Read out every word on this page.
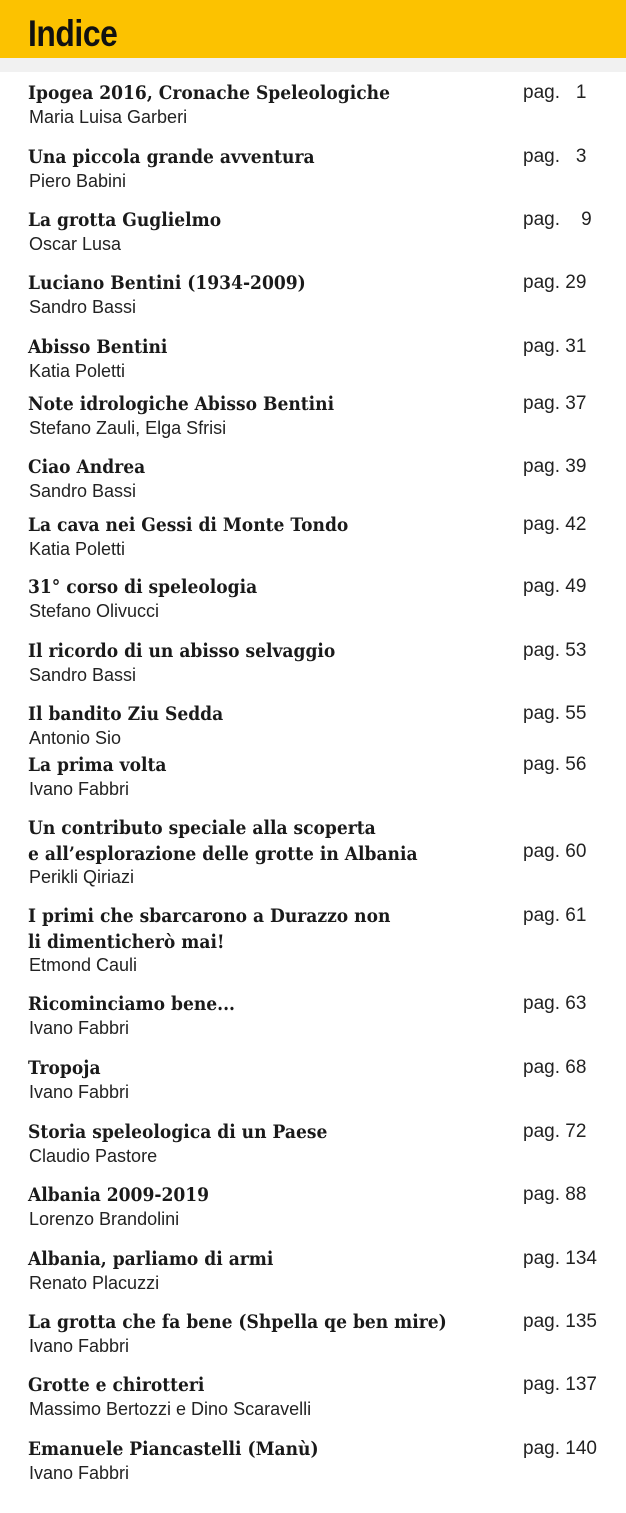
Indice
Ipogea 2016, Cronache Speleologiche
Maria Luisa Garberi
pag.   1
Una piccola grande avventura
Piero Babini
pag.   3
La grotta Guglielmo
Oscar Lusa
pag.    9
Luciano Bentini (1934-2009)
Sandro Bassi
pag. 29
Abisso Bentini
Katia Poletti
pag. 31
Note idrologiche Abisso Bentini
Stefano Zauli, Elga Sfrisi
pag. 37
Ciao Andrea
Sandro Bassi
pag. 39
La cava nei Gessi di Monte Tondo
Katia Poletti
pag. 42
31° corso di speleologia
Stefano Olivucci
pag. 49
Il ricordo di un abisso selvaggio
Sandro Bassi
pag. 53
Il bandito Ziu Sedda
Antonio Sio
pag. 55
La prima volta
Ivano Fabbri
pag. 56
Un contributo speciale alla scoperta
e all’esplorazione delle grotte in Albania
Perikli Qiriazi
pag. 60
I primi che sbarcarono a Durazzo non
li dimenticherò mai!
Etmond Cauli
pag. 61
Ricominciamo bene...
Ivano Fabbri
pag. 63
Tropoja
Ivano Fabbri
pag. 68
Storia speleologica di un Paese
Claudio Pastore
pag. 72
Albania 2009-2019
Lorenzo Brandolini
pag. 88
Albania, parliamo di armi
Renato Placuzzi
pag. 134
La grotta che fa bene (Shpella qe ben mire)
Ivano Fabbri
pag. 135
Grotte e chirotteri
Massimo Bertozzi e Dino Scaravelli
pag. 137
Emanuele Piancastelli (Manù)
Ivano Fabbri
pag. 140
